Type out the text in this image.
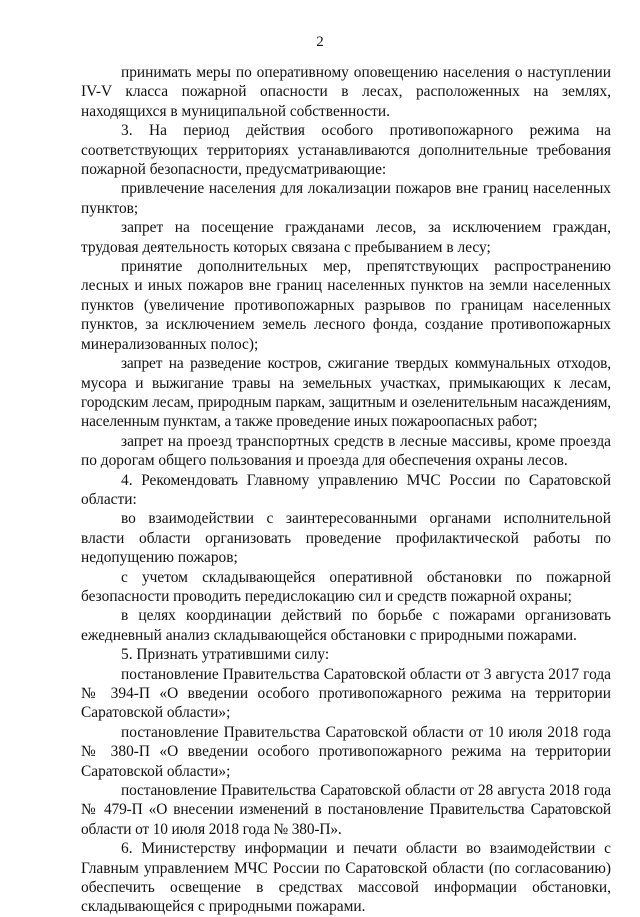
2

принимать меры по оперативному оповещению населения о наступлении IV-V класса пожарной опасности в лесах, расположенных на землях, находящихся в муниципальной собственности.

3. На период действия особого противопожарного режима на соответствующих территориях устанавливаются дополнительные требования пожарной безопасности, предусматривающие:

привлечение населения для локализации пожаров вне границ населенных пунктов;

запрет на посещение гражданами лесов, за исключением граждан, трудовая деятельность которых связана с пребыванием в лесу;

принятие дополнительных мер, препятствующих распространению лесных и иных пожаров вне границ населенных пунктов на земли населенных пунктов (увеличение противопожарных разрывов по границам населенных пунктов, за исключением земель лесного фонда, создание противопожарных минерализованных полос);

запрет на разведение костров, сжигание твердых коммунальных отходов, мусора и выжигание травы на земельных участках, примыкающих к лесам, городским лесам, природным паркам, защитным и озеленительным насаждениям, населенным пунктам, а также проведение иных пожароопасных работ;

запрет на проезд транспортных средств в лесные массивы, кроме проезда по дорогам общего пользования и проезда для обеспечения охраны лесов.

4. Рекомендовать Главному управлению МЧС России по Саратовской области:

во взаимодействии с заинтересованными органами исполнительной власти области организовать проведение профилактической работы по недопущению пожаров;

с учетом складывающейся оперативной обстановки по пожарной безопасности проводить передислокацию сил и средств пожарной охраны;

в целях координации действий по борьбе с пожарами организовать ежедневный анализ складывающейся обстановки с природными пожарами.

5. Признать утратившими силу:

постановление Правительства Саратовской области от 3 августа 2017 года № 394-П «О введении особого противопожарного режима на территории Саратовской области»;

постановление Правительства Саратовской области от 10 июля 2018 года № 380-П «О введении особого противопожарного режима на территории Саратовской области»;

постановление Правительства Саратовской области от 28 августа 2018 года № 479-П «О внесении изменений в постановление Правительства Саратовской области от 10 июля 2018 года № 380-П».

6. Министерству информации и печати области во взаимодействии с Главным управлением МЧС России по Саратовской области (по согласованию) обеспечить освещение в средствах массовой информации обстановки, складывающейся с природными пожарами.
